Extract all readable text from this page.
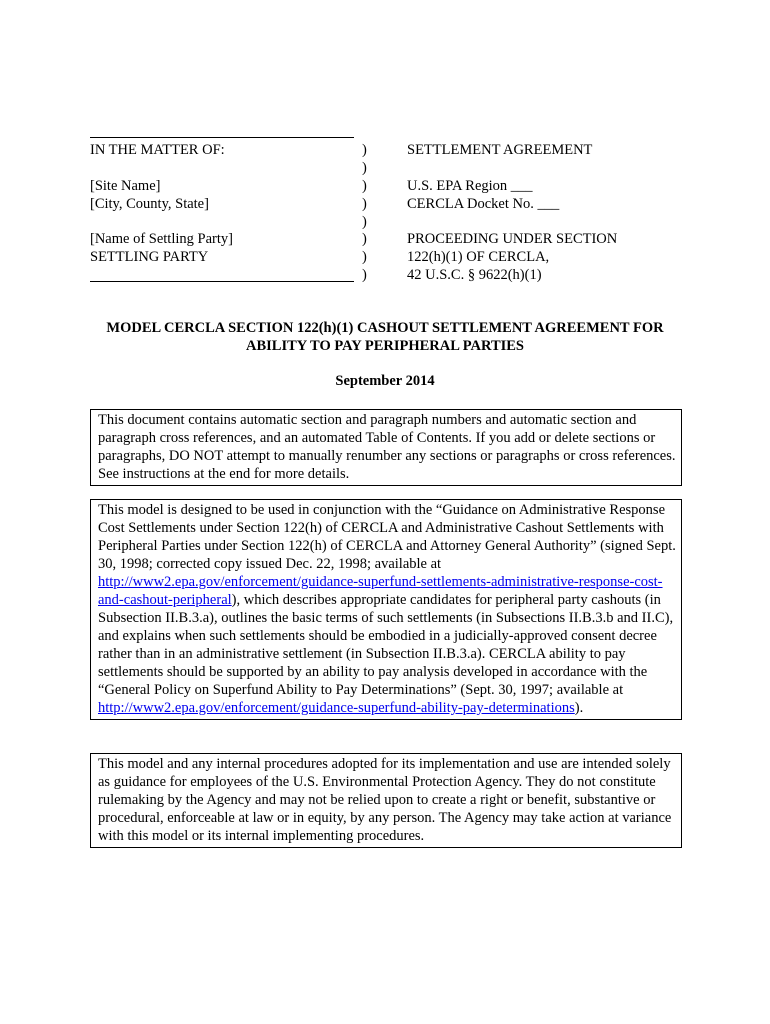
IN THE MATTER OF:
[Site Name]
[City, County, State]
[Name of Settling Party]
SETTLING PARTY
)
)
)
)
)
)
)
)
SETTLEMENT AGREEMENT
U.S. EPA Region ___
CERCLA Docket No. ___
PROCEEDING UNDER SECTION
122(h)(1) OF CERCLA,
42 U.S.C. § 9622(h)(1)
MODEL CERCLA SECTION 122(h)(1) CASHOUT SETTLEMENT AGREEMENT FOR
ABILITY TO PAY PERIPHERAL PARTIES
September 2014
This document contains automatic section and paragraph numbers and automatic section and paragraph cross references, and an automated Table of Contents. If you add or delete sections or paragraphs, DO NOT attempt to manually renumber any sections or paragraphs or cross references. See instructions at the end for more details.
This model is designed to be used in conjunction with the “Guidance on Administrative Response Cost Settlements under Section 122(h) of CERCLA and Administrative Cashout Settlements with Peripheral Parties under Section 122(h) of CERCLA and Attorney General Authority” (signed Sept. 30, 1998; corrected copy issued Dec. 22, 1998; available at http://www2.epa.gov/enforcement/guidance-superfund-settlements-administrative-response-cost-and-cashout-peripheral), which describes appropriate candidates for peripheral party cashouts (in Subsection II.B.3.a), outlines the basic terms of such settlements (in Subsections II.B.3.b and II.C), and explains when such settlements should be embodied in a judicially-approved consent decree rather than in an administrative settlement (in Subsection II.B.3.a). CERCLA ability to pay settlements should be supported by an ability to pay analysis developed in accordance with the “General Policy on Superfund Ability to Pay Determinations” (Sept. 30, 1997; available at http://www2.epa.gov/enforcement/guidance-superfund-ability-pay-determinations).
This model and any internal procedures adopted for its implementation and use are intended solely as guidance for employees of the U.S. Environmental Protection Agency. They do not constitute rulemaking by the Agency and may not be relied upon to create a right or benefit, substantive or procedural, enforceable at law or in equity, by any person. The Agency may take action at variance with this model or its internal implementing procedures.
